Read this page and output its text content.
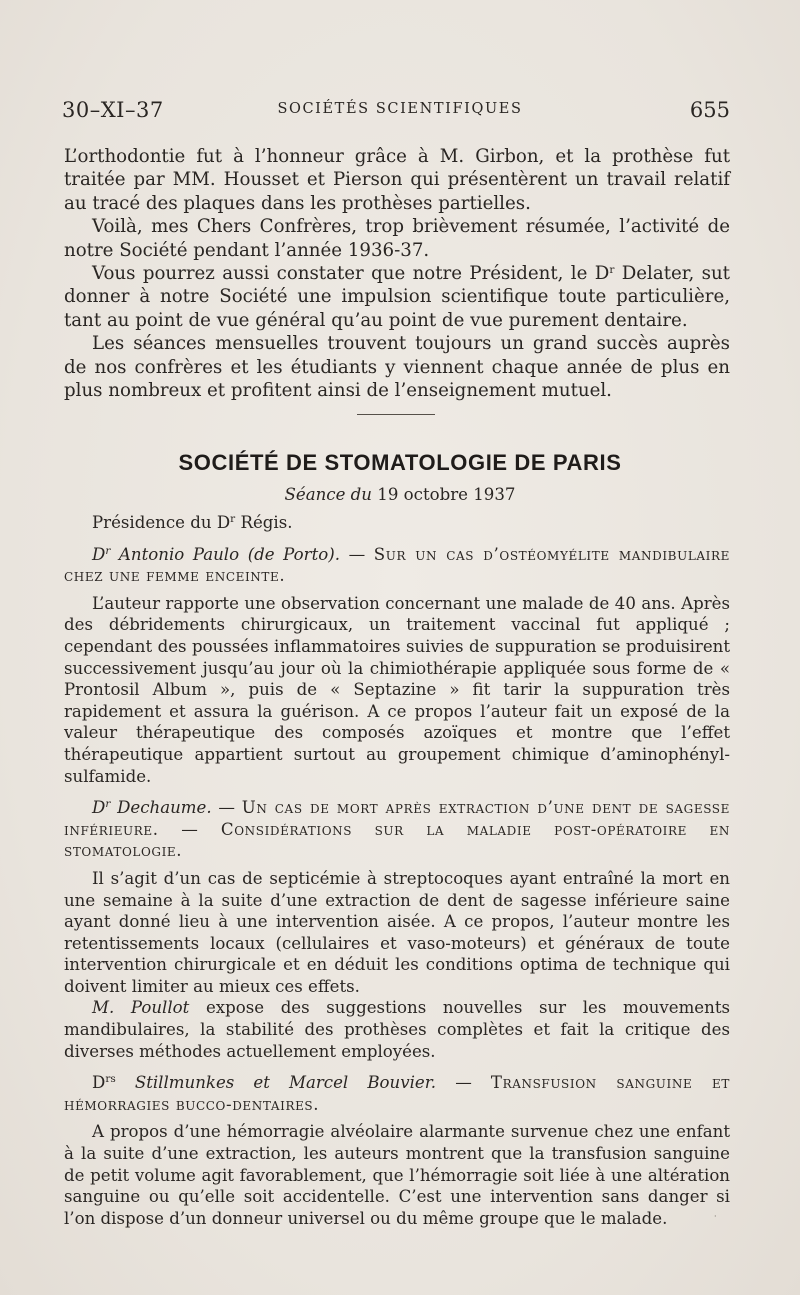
30–XI–37	SOCIÉTÉS SCIENTIFIQUES	655

L’orthodontie fut à l’honneur grâce à M. Girbon, et la prothèse fut traitée par MM. Housset et Pierson qui présentèrent un travail relatif au tracé des plaques dans les prothèses partielles.

Voilà, mes Chers Confrères, trop brièvement résumée, l’activité de notre Société pendant l’année 1936-37.

Vous pourrez aussi constater que notre Président, le $D^r$ Delater, sut donner à notre Société une impulsion scientifique toute particulière, tant au point de vue général qu’au point de vue purement dentaire.

Les séances mensuelles trouvent toujours un grand succès auprès de nos confrères et les étudiants y viennent chaque année de plus en plus nombreux et profitent ainsi de l’enseignement mutuel.

SOCIÉTÉ DE STOMATOLOGIE DE PARIS
Séance du 19 octobre 1937

Présidence du $D^r$ Régis.

$D^r$ Antonio Paulo (de Porto). — Sur un cas d’ostéomyélite mandibulaire chez une femme enceinte.

L’auteur rapporte une observation concernant une malade de 40 ans. Après des débridements chirurgicaux, un traitement vaccinal fut appliqué ; cependant des poussées inflammatoires suivies de suppuration se produisirent successivement jusqu’au jour où la chimiothérapie appliquée sous forme de « Prontosil Album », puis de « Septazine » fit tarir la suppuration très rapidement et assura la guérison. A ce propos l’auteur fait un exposé de la valeur thérapeutique des composés azoïques et montre que l’effet thérapeutique appartient surtout au groupement chimique d’aminophényl-sulfamide.

$D^r$ Dechaume. — Un cas de mort après extraction d’une dent de sagesse inférieure. — Considérations sur la maladie post-opératoire en stomatologie.

Il s’agit d’un cas de septicémie à streptocoques ayant entraîné la mort en une semaine à la suite d’une extraction de dent de sagesse inférieure saine ayant donné lieu à une intervention aisée. A ce propos, l’auteur montre les retentissements locaux (cellulaires et vaso-moteurs) et généraux de toute intervention chirurgicale et en déduit les conditions optima de technique qui doivent limiter au mieux ces effets.

M. Poullot expose des suggestions nouvelles sur les mouvements mandibulaires, la stabilité des prothèses complètes et fait la critique des diverses méthodes actuellement employées.

$D^{rs}$ Stillmunkes et Marcel Bouvier. — Transfusion sanguine et hémorragies bucco-dentaires.

A propos d’une hémorragie alvéolaire alarmante survenue chez une enfant à la suite d’une extraction, les auteurs montrent que la transfusion sanguine de petit volume agit favorablement, que l’hémorragie soit liée à une altération sanguine ou qu’elle soit accidentelle. C’est une intervention sans danger si l’on dispose d’un donneur universel ou du même groupe que le malade.	·
